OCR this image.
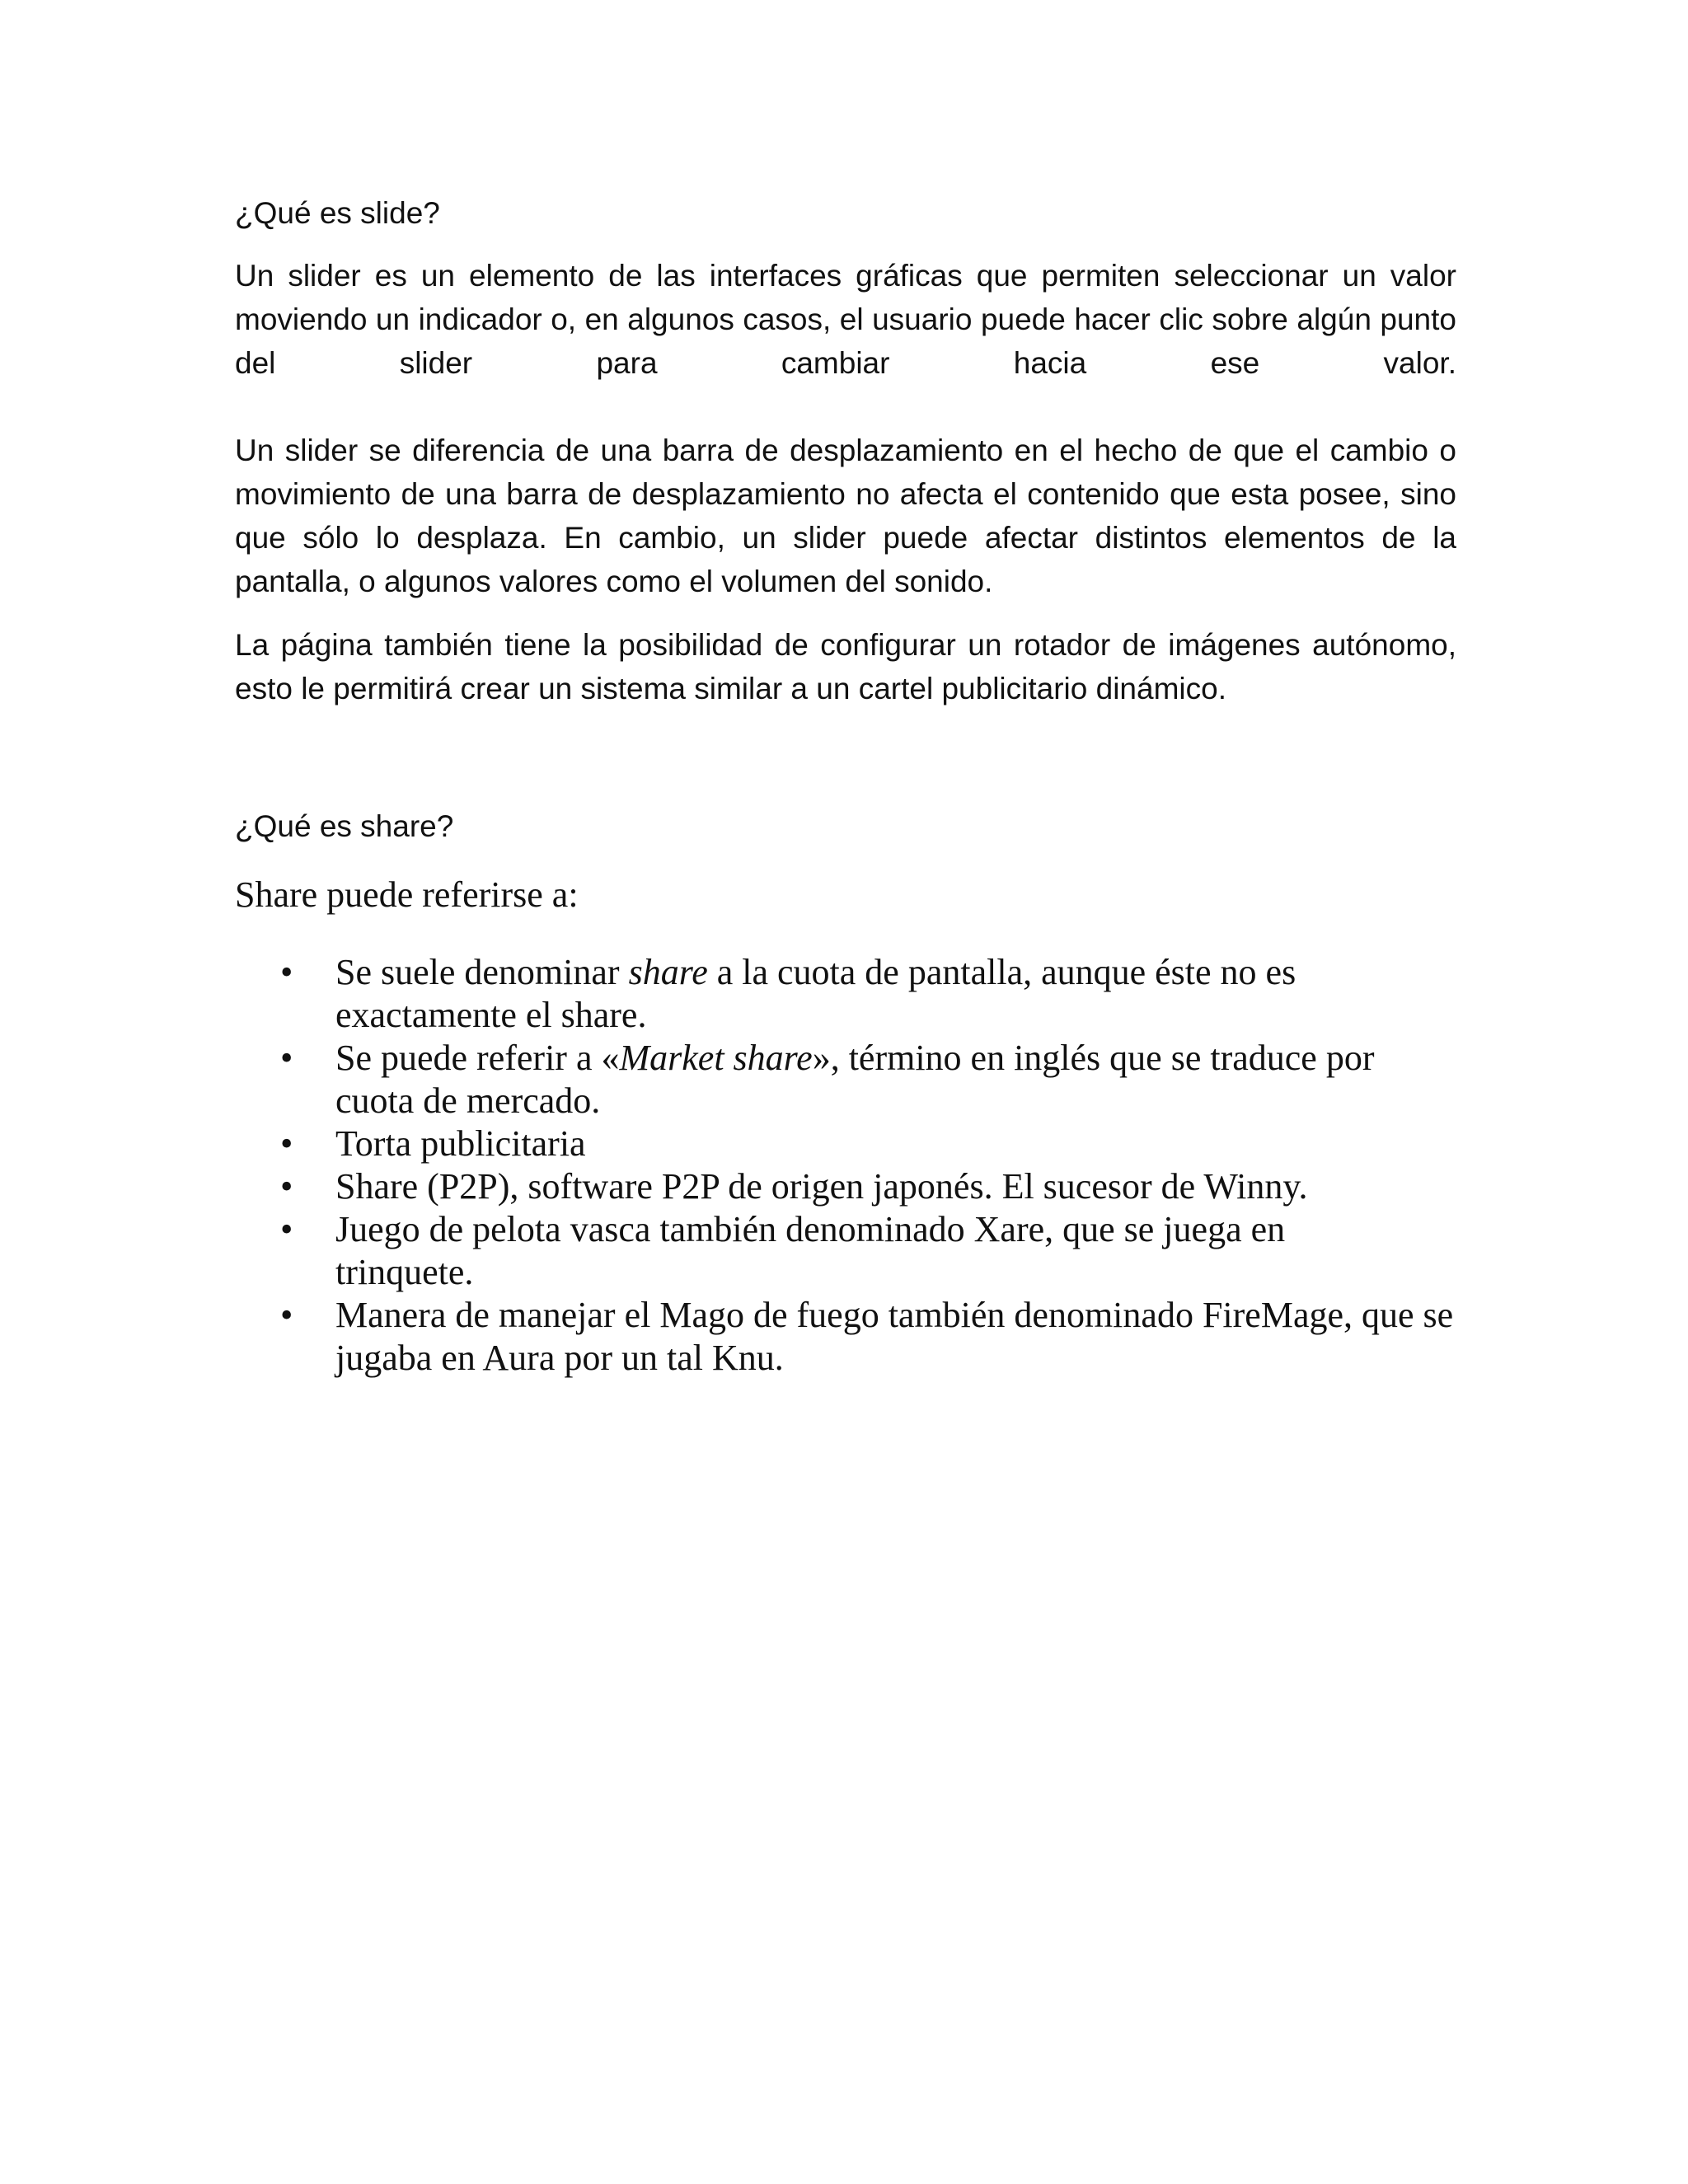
¿Qué es slide?

Un slider es un elemento de las interfaces gráficas que permiten seleccionar un valor moviendo un indicador o, en algunos casos, el usuario puede hacer clic sobre algún punto del slider para cambiar hacia ese valor.

Un slider se diferencia de una barra de desplazamiento en el hecho de que el cambio o movimiento de una barra de desplazamiento no afecta el contenido que esta posee, sino que sólo lo desplaza. En cambio, un slider puede afectar distintos elementos de la pantalla, o algunos valores como el volumen del sonido.

La página también tiene la posibilidad de configurar un rotador de imágenes autónomo, esto le permitirá crear un sistema similar a un cartel publicitario dinámico.

¿Qué es share?

Share puede referirse a:

• Se suele denominar share a la cuota de pantalla, aunque éste no es exactamente el share.
• Se puede referir a «Market share», término en inglés que se traduce por cuota de mercado.
• Torta publicitaria
• Share (P2P), software P2P de origen japonés. El sucesor de Winny.
• Juego de pelota vasca también denominado Xare, que se juega en trinquete.
• Manera de manejar el Mago de fuego también denominado FireMage, que se jugaba en Aura por un tal Knu.
